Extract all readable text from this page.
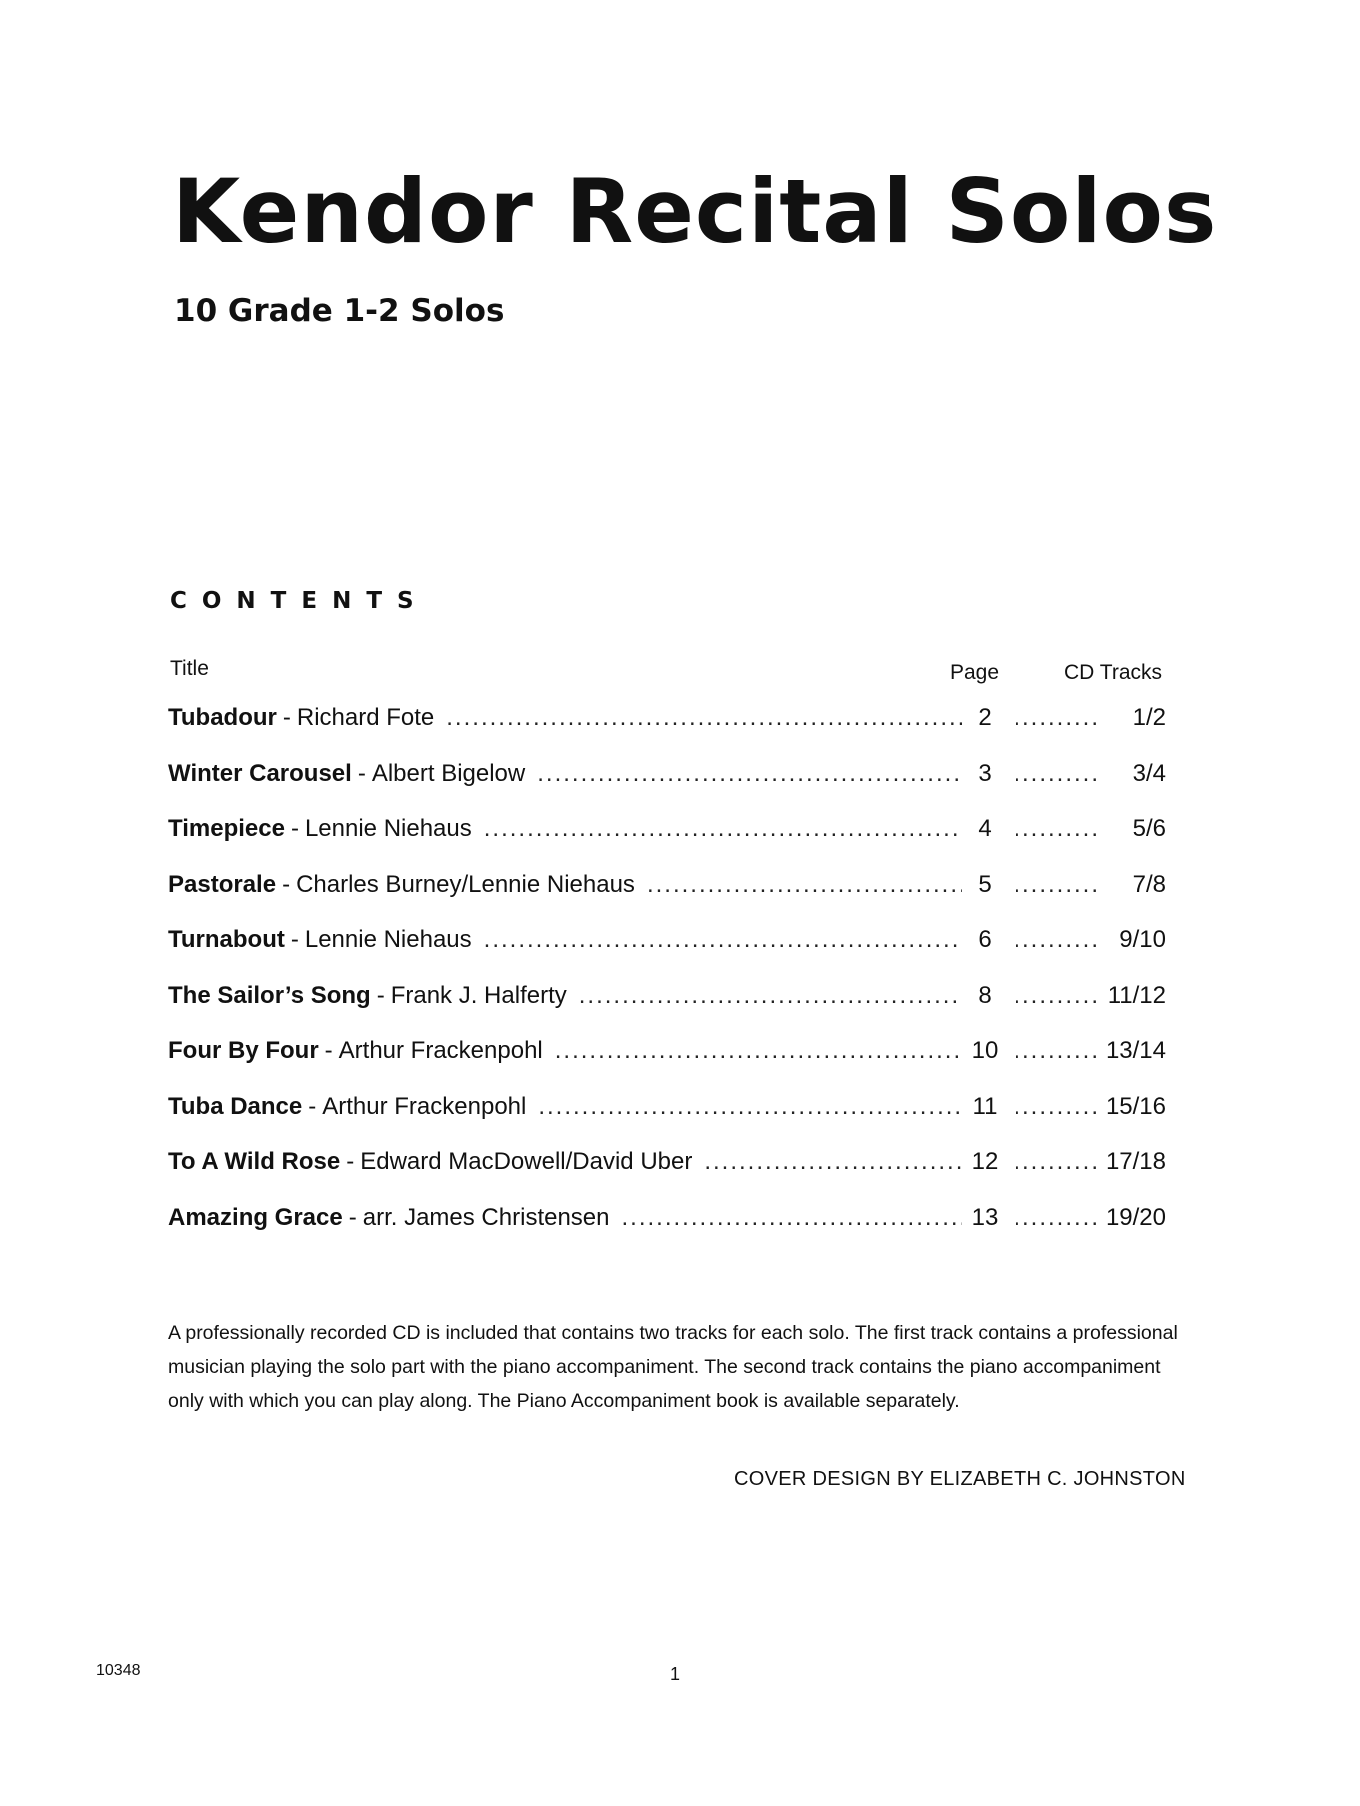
Kendor Recital Solos
10 Grade 1-2 Solos
CONTENTS
Title	Page	CD Tracks
Tubadour - Richard Fote .....	2 .....	1/2
Winter Carousel - Albert Bigelow .....	3 .....	3/4
Timepiece - Lennie Niehaus .....	4 .....	5/6
Pastorale - Charles Burney/Lennie Niehaus .....	5 .....	7/8
Turnabout - Lennie Niehaus .....	6 .....	9/10
The Sailor’s Song - Frank J. Halferty .....	8 .....	11/12
Four By Four - Arthur Frackenpohl .....	10 .....	13/14
Tuba Dance - Arthur Frackenpohl .....	11 .....	15/16
To A Wild Rose - Edward MacDowell/David Uber .....	12 .....	17/18
Amazing Grace - arr. James Christensen .....	13 .....	19/20

A professionally recorded CD is included that contains two tracks for each solo. The first track contains a professional musician playing the solo part with the piano accompaniment. The second track contains the piano accompaniment only with which you can play along. The Piano Accompaniment book is available separately.

COVER DESIGN BY ELIZABETH C. JOHNSTON

10348	1
